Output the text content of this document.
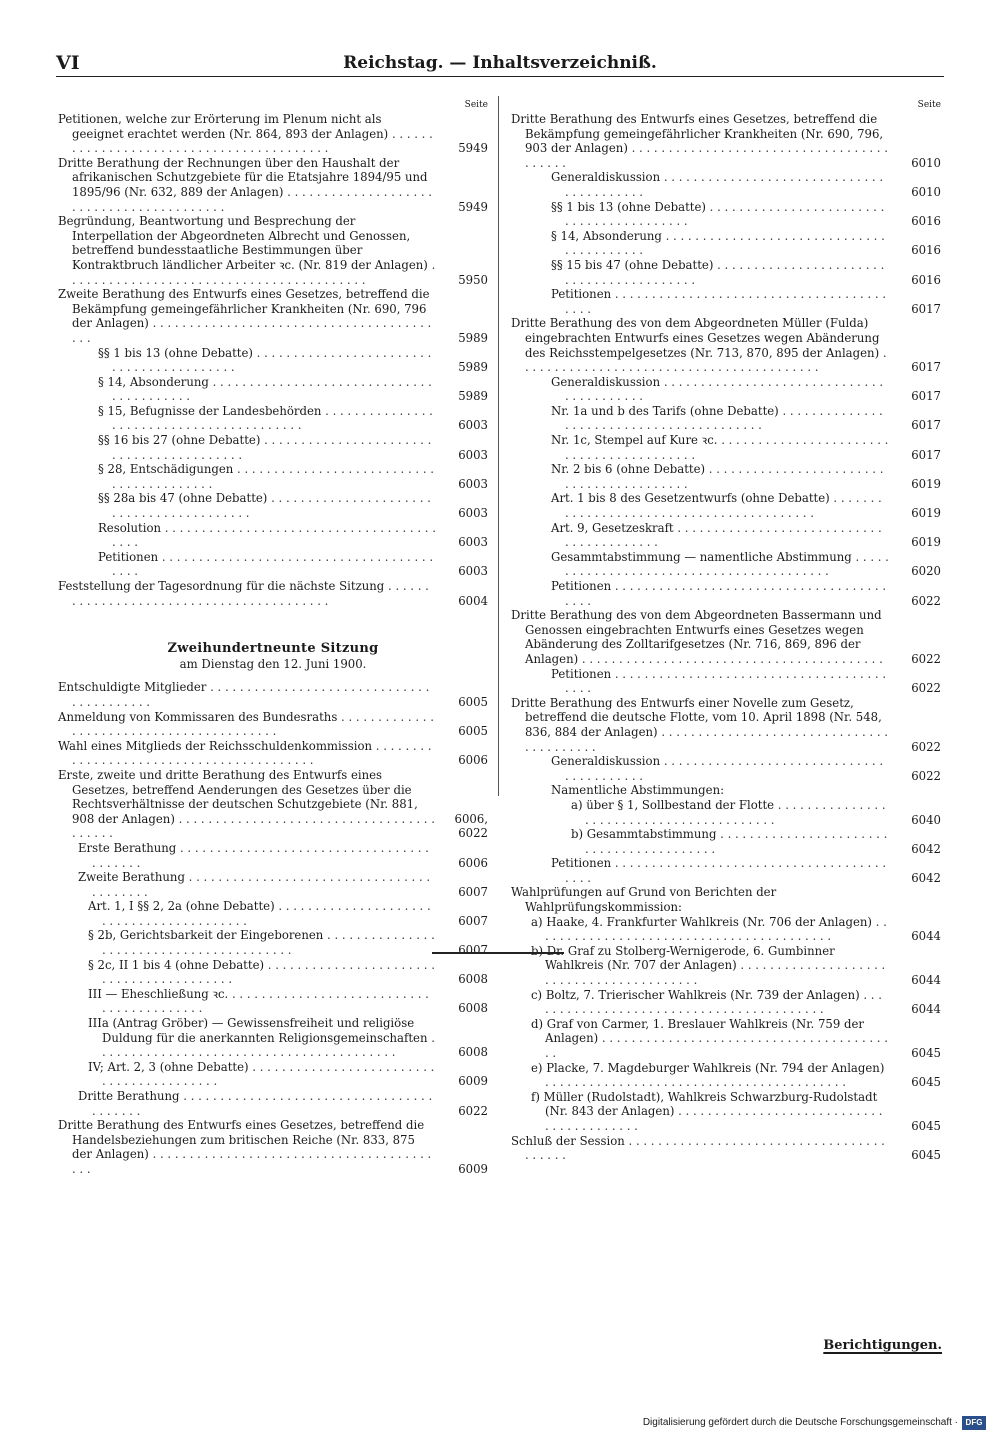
VI	Reichstag. — Inhaltsverzeichniß.
Seite
Petitionen, welche zur Erörterung im Plenum nicht als geeignet erachtet werden (Nr. 864, 893 der Anlagen) . . .
5949
Dritte Berathung der Rechnungen über den Haushalt der afrikanischen Schutzgebiete für die Etatsjahre 1894/95 und 1895/96 (Nr. 632, 889 der Anlagen) . . .
5949
Begründung, Beantwortung und Besprechung der Interpellation der Abgeordneten Albrecht und Genossen, betreffend bundesstaatliche Bestimmungen über Kontraktbruch ländlicher Arbeiter ꝛc. (Nr. 819 der Anlagen) . . .
5950
Zweite Berathung des Entwurfs eines Gesetzes, betreffend die Bekämpfung gemeingefährlicher Krankheiten (Nr. 690, 796 der Anlagen) . . .
5989
§§ 1 bis 13 (ohne Debatte) . . .
5989
§ 14, Absonderung . . .
5989
§ 15, Befugnisse der Landesbehörden . . .
6003
§§ 16 bis 27 (ohne Debatte) . . .
6003
§ 28, Entschädigungen . . .
6003
§§ 28a bis 47 (ohne Debatte) . . .
6003
Resolution . . .
6003
Petitionen . . .
6003
Feststellung der Tagesordnung für die nächste Sitzung . . .
6004
Zweihundertneunte Sitzung
am Dienstag den 12. Juni 1900.
Entschuldigte Mitglieder . . .
6005
Anmeldung von Kommissaren des Bundesraths . . .
6005
Wahl eines Mitglieds der Reichsschuldenkommission . . .
6006
Erste, zweite und dritte Berathung des Entwurfs eines Gesetzes, betreffend Aenderungen des Gesetzes über die Rechtsverhältnisse der deutschen Schutzgebiete (Nr. 881, 908 der Anlagen) . . .	6006, 6022
Erste Berathung . . .
6006
Zweite Berathung . . .
6007
Art. 1, I §§ 2, 2a (ohne Debatte) . . .
6007
§ 2b, Gerichtsbarkeit der Eingeborenen . . .
6007
§ 2c, II 1 bis 4 (ohne Debatte) . . .
6008
III — Eheschließung ꝛc. . . .
6008
IIIa (Antrag Gröber) — Gewissensfreiheit und religiöse Duldung für die anerkannten Religionsgemeinschaften . . .
6008
IV; Art. 2, 3 (ohne Debatte) . . .
6009
Dritte Berathung . . .
6022
Dritte Berathung des Entwurfs eines Gesetzes, betreffend die Handelsbeziehungen zum britischen Reiche (Nr. 833, 875 der Anlagen) . . .
6009
Seite
Dritte Berathung des Entwurfs eines Gesetzes, betreffend die Bekämpfung gemeingefährlicher Krankheiten (Nr. 690, 796, 903 der Anlagen) . . .
6010
Generaldiskussion . . .
6010
§§ 1 bis 13 (ohne Debatte) . . .
6016
§ 14, Absonderung . . .
6016
§§ 15 bis 47 (ohne Debatte) . . .
6016
Petitionen . . .
6017
Dritte Berathung des von dem Abgeordneten Müller (Fulda) eingebrachten Entwurfs eines Gesetzes wegen Abänderung des Reichsstempelgesetzes (Nr. 713, 870, 895 der Anlagen) . . .
6017
Generaldiskussion . . .
6017
Nr. 1a und b des Tarifs (ohne Debatte) . . .
6017
Nr. 1c, Stempel auf Kure ꝛc. . . .
6017
Nr. 2 bis 6 (ohne Debatte) . . .
6019
Art. 1 bis 8 des Gesetzentwurfs (ohne Debatte) . . .
6019
Art. 9, Gesetzeskraft . . .
6019
Gesammtabstimmung — namentliche Abstimmung . . .
6020
Petitionen . . .
6022
Dritte Berathung des von dem Abgeordneten Bassermann und Genossen eingebrachten Entwurfs eines Gesetzes wegen Abänderung des Zolltarifgesetzes (Nr. 716, 869, 896 der Anlagen) . . .	6022
Petitionen . . .
6022
Dritte Berathung des Entwurfs einer Novelle zum Gesetz, betreffend die deutsche Flotte, vom 10. April 1898 (Nr. 548, 836, 884 der Anlagen) . . .
6022
Generaldiskussion . . .
6022
Namentliche Abstimmungen:
a) über § 1, Sollbestand der Flotte . . .
6040
b) Gesammtabstimmung . . .
6042
Petitionen . . .
6042
Wahlprüfungen auf Grund von Berichten der Wahlprüfungskommission:
a) Haake, 4. Frankfurter Wahlkreis (Nr. 706 der Anlagen) . . .
6044
b) Dr. Graf zu Stolberg-Wernigerode, 6. Gumbinner Wahlkreis (Nr. 707 der Anlagen) . . .
6044
c) Boltz, 7. Trierischer Wahlkreis (Nr. 739 der Anlagen) . . .
6044
d) Graf von Carmer, 1. Breslauer Wahlkreis (Nr. 759 der Anlagen) . . .
6045
e) Placke, 7. Magdeburger Wahlkreis (Nr. 794 der Anlagen) . . .
6045
f) Müller (Rudolstadt), Wahlkreis Schwarzburg-Rudolstadt (Nr. 843 der Anlagen) . . .
6045
Schluß der Session . . .
6045
Berichtigungen.
Digitalisierung gefördert durch die Deutsche Forschungsgemeinschaft · DFG
